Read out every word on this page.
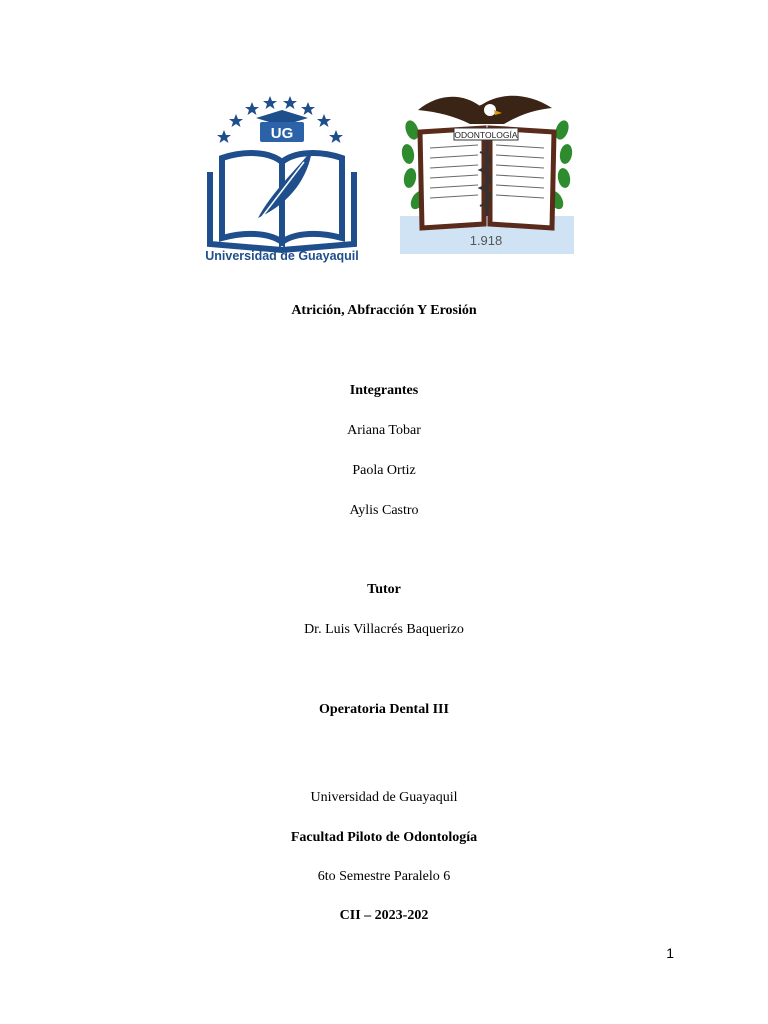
UG
Universidad de Guayaquil
ODONTOLOGÍA
1.918
Atrición, Abfracción Y Erosión
Integrantes
Ariana Tobar
Paola Ortiz
Aylis Castro
Tutor
Dr. Luis Villacrés Baquerizo
Operatoria Dental III
Universidad de Guayaquil
Facultad Piloto de Odontología
6to Semestre Paralelo 6
CII – 2023-202
1
